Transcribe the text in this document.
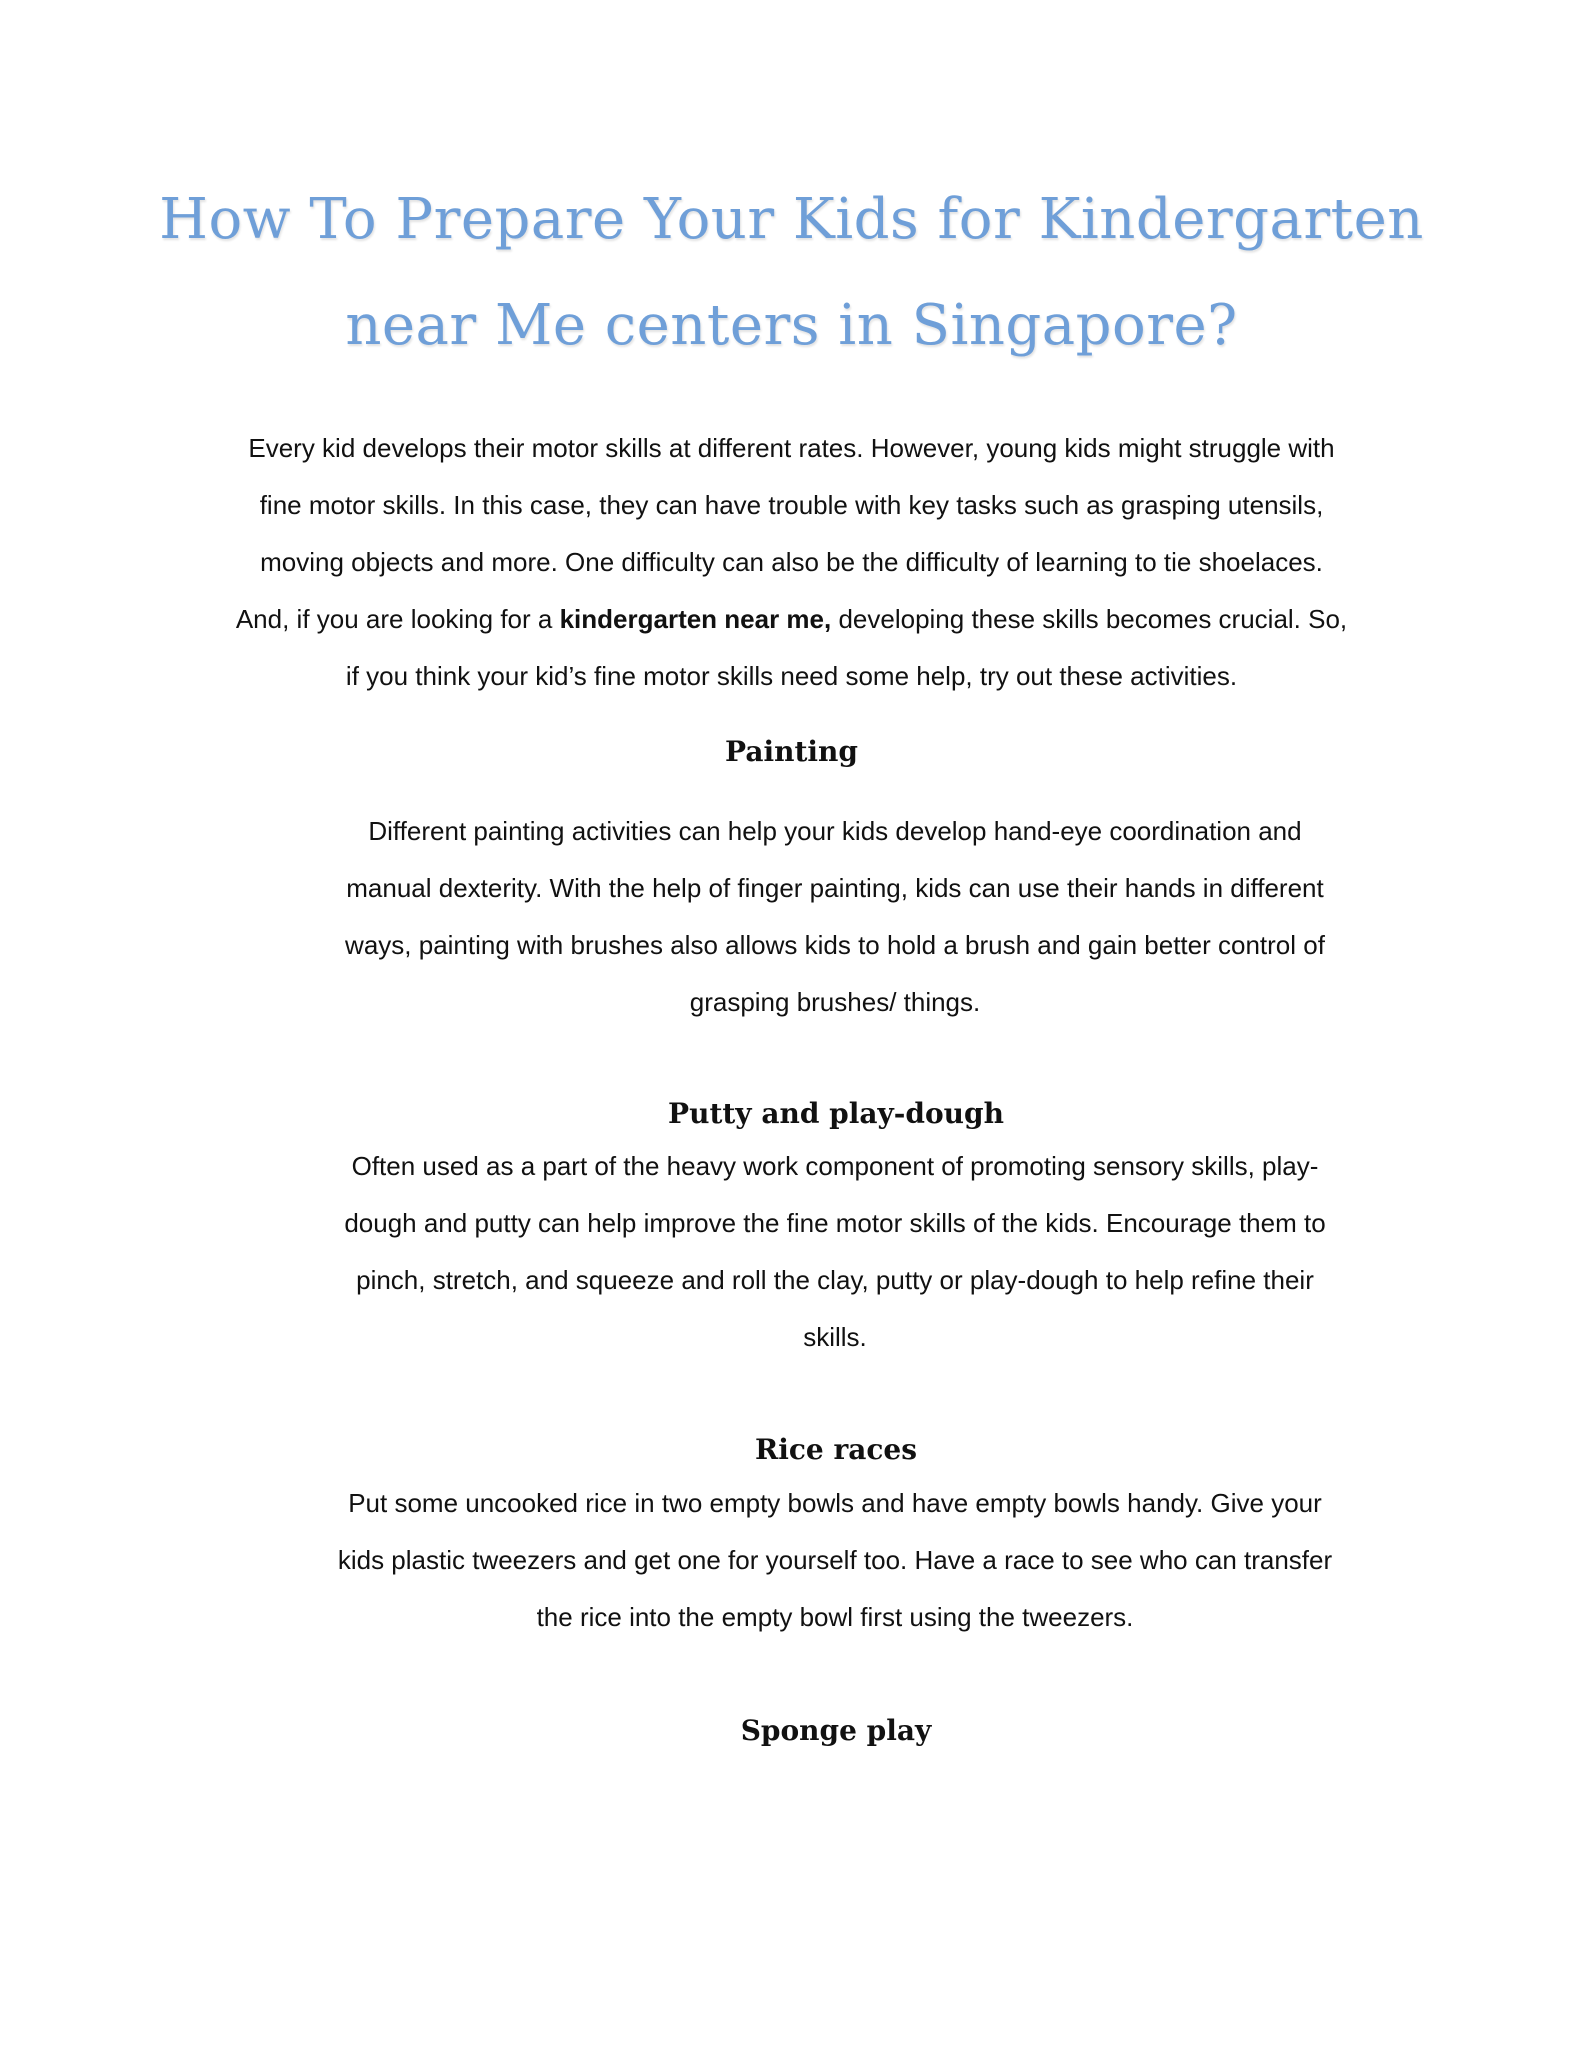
How To Prepare Your Kids for Kindergarten
near Me centers in Singapore?
Every kid develops their motor skills at different rates. However, young kids might struggle with
fine motor skills. In this case, they can have trouble with key tasks such as grasping utensils,
moving objects and more. One difficulty can also be the difficulty of learning to tie shoelaces.
And, if you are looking for a kindergarten near me, developing these skills becomes crucial. So,
if you think your kid’s fine motor skills need some help, try out these activities.
Painting
Different painting activities can help your kids develop hand-eye coordination and
manual dexterity. With the help of finger painting, kids can use their hands in different
ways, painting with brushes also allows kids to hold a brush and gain better control of
grasping brushes/ things.
Putty and play-dough
Often used as a part of the heavy work component of promoting sensory skills, play-
dough and putty can help improve the fine motor skills of the kids. Encourage them to
pinch, stretch, and squeeze and roll the clay, putty or play-dough to help refine their
skills.
Rice races
Put some uncooked rice in two empty bowls and have empty bowls handy. Give your
kids plastic tweezers and get one for yourself too. Have a race to see who can transfer
the rice into the empty bowl first using the tweezers.
Sponge play
